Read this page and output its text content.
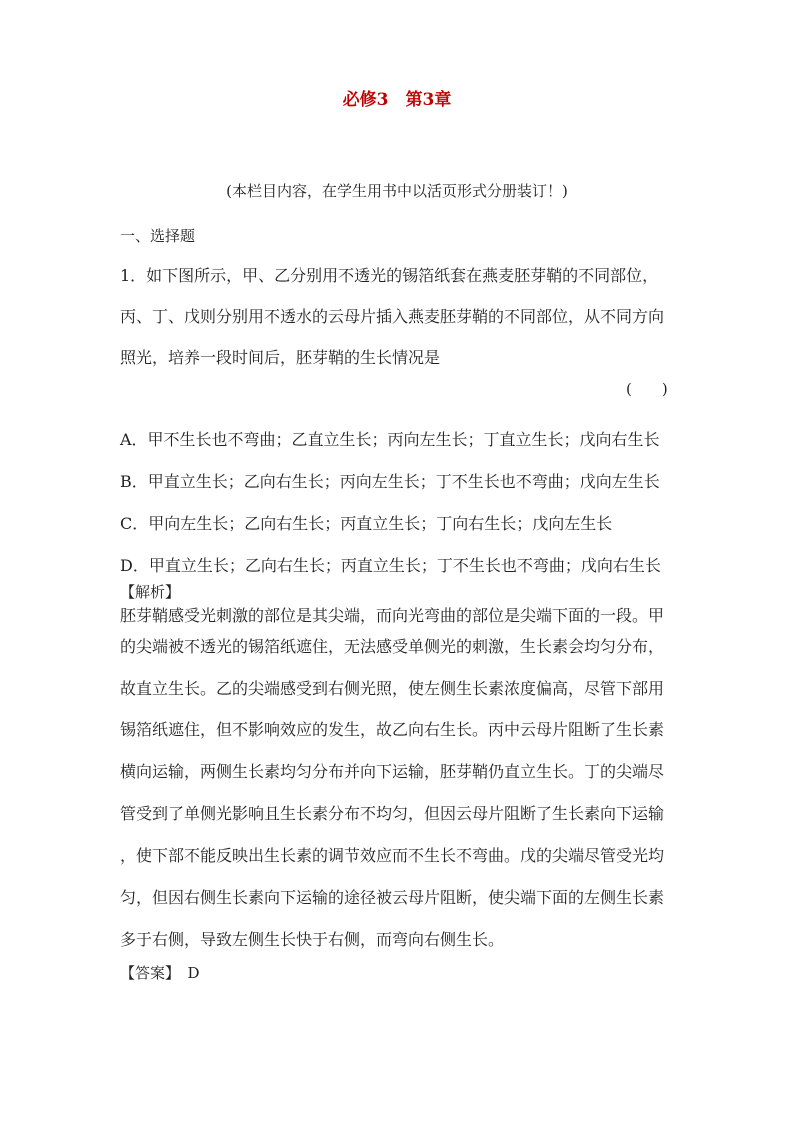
必修3　第3章
(本栏目内容，在学生用书中以活页形式分册装订！)
一、选择题
1．如下图所示，甲、乙分别用不透光的锡箔纸套在燕麦胚芽鞘的不同部位，
丙、丁、戊则分别用不透水的云母片插入燕麦胚芽鞘的不同部位，从不同方向
照光，培养一段时间后，胚芽鞘的生长情况是
(　　)
A．甲不生长也不弯曲；乙直立生长；丙向左生长；丁直立生长；戊向右生长
B．甲直立生长；乙向右生长；丙向左生长；丁不生长也不弯曲；戊向左生长
C．甲向左生长；乙向右生长；丙直立生长；丁向右生长；戊向左生长
D．甲直立生长；乙向右生长；丙直立生长；丁不生长也不弯曲；戊向右生长
【解析】
胚芽鞘感受光刺激的部位是其尖端，而向光弯曲的部位是尖端下面的一段。甲
的尖端被不透光的锡箔纸遮住，无法感受单侧光的刺激，生长素会均匀分布，
故直立生长。乙的尖端感受到右侧光照，使左侧生长素浓度偏高，尽管下部用
锡箔纸遮住，但不影响效应的发生，故乙向右生长。丙中云母片阻断了生长素
横向运输，两侧生长素均匀分布并向下运输，胚芽鞘仍直立生长。丁的尖端尽
管受到了单侧光影响且生长素分布不均匀，但因云母片阻断了生长素向下运输
，使下部不能反映出生长素的调节效应而不生长不弯曲。戊的尖端尽管受光均
匀，但因右侧生长素向下运输的途径被云母片阻断，使尖端下面的左侧生长素
多于右侧，导致左侧生长快于右侧，而弯向右侧生长。
【答案】　D
